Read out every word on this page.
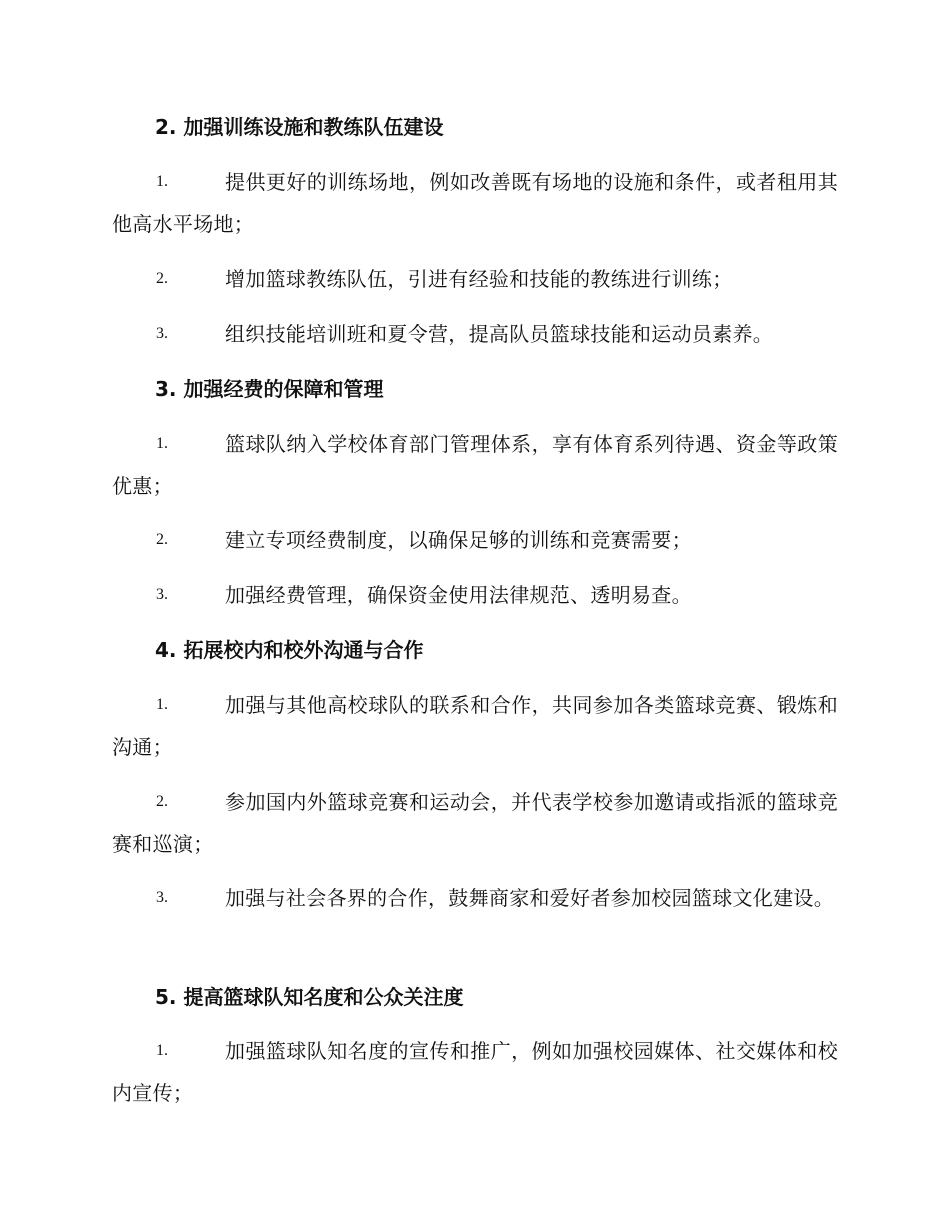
2. 加强训练设施和教练队伍建设
1.	提供更好的训练场地，例如改善既有场地的设施和条件，或者租用其他高水平场地；
2.	增加篮球教练队伍，引进有经验和技能的教练进行训练；
3.	组织技能培训班和夏令营，提高队员篮球技能和运动员素养。
3. 加强经费的保障和管理
1.	篮球队纳入学校体育部门管理体系，享有体育系列待遇、资金等政策优惠；
2.	建立专项经费制度，以确保足够的训练和竞赛需要；
3.	加强经费管理，确保资金使用法律规范、透明易查。
4. 拓展校内和校外沟通与合作
1.	加强与其他高校球队的联系和合作，共同参加各类篮球竞赛、锻炼和沟通；
2.	参加国内外篮球竞赛和运动会，并代表学校参加邀请或指派的篮球竞赛和巡演；
3.	加强与社会各界的合作，鼓舞商家和爱好者参加校园篮球文化建设。
5. 提高篮球队知名度和公众关注度
1.	加强篮球队知名度的宣传和推广，例如加强校园媒体、社交媒体和校内宣传；
